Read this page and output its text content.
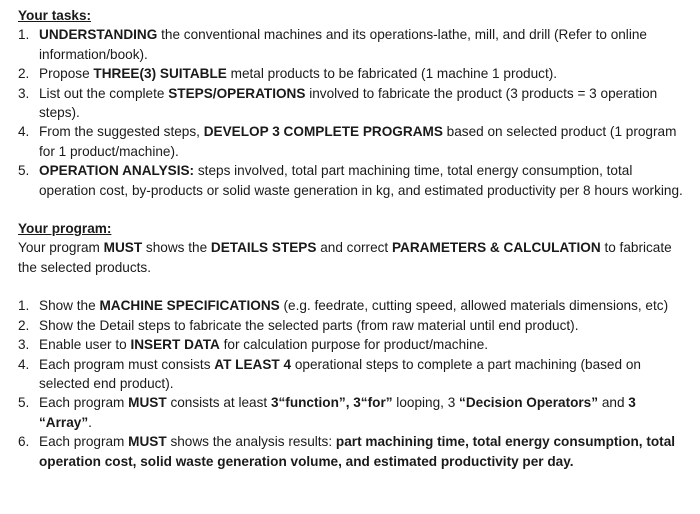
Your tasks:
1. UNDERSTANDING the conventional machines and its operations-lathe, mill, and drill (Refer to online information/book).
2. Propose THREE(3) SUITABLE metal products to be fabricated (1 machine 1 product).
3. List out the complete STEPS/OPERATIONS involved to fabricate the product (3 products = 3 operation steps).
4. From the suggested steps, DEVELOP 3 COMPLETE PROGRAMS based on selected product (1 program for 1 product/machine).
5. OPERATION ANALYSIS: steps involved, total part machining time, total energy consumption, total operation cost, by-products or solid waste generation in kg, and estimated productivity per 8 hours working.
Your program:
Your program MUST shows the DETAILS STEPS and correct PARAMETERS & CALCULATION to fabricate the selected products.
1. Show the MACHINE SPECIFICATIONS (e.g. feedrate, cutting speed, allowed materials dimensions, etc)
2. Show the Detail steps to fabricate the selected parts (from raw material until end product).
3. Enable user to INSERT DATA for calculation purpose for product/machine.
4. Each program must consists AT LEAST 4 operational steps to complete a part machining (based on selected end product).
5. Each program MUST consists at least 3“function”, 3“for” looping, 3 “Decision Operators” and 3 “Array”.
6. Each program MUST shows the analysis results: part machining time, total energy consumption, total operation cost, solid waste generation volume, and estimated productivity per day.
